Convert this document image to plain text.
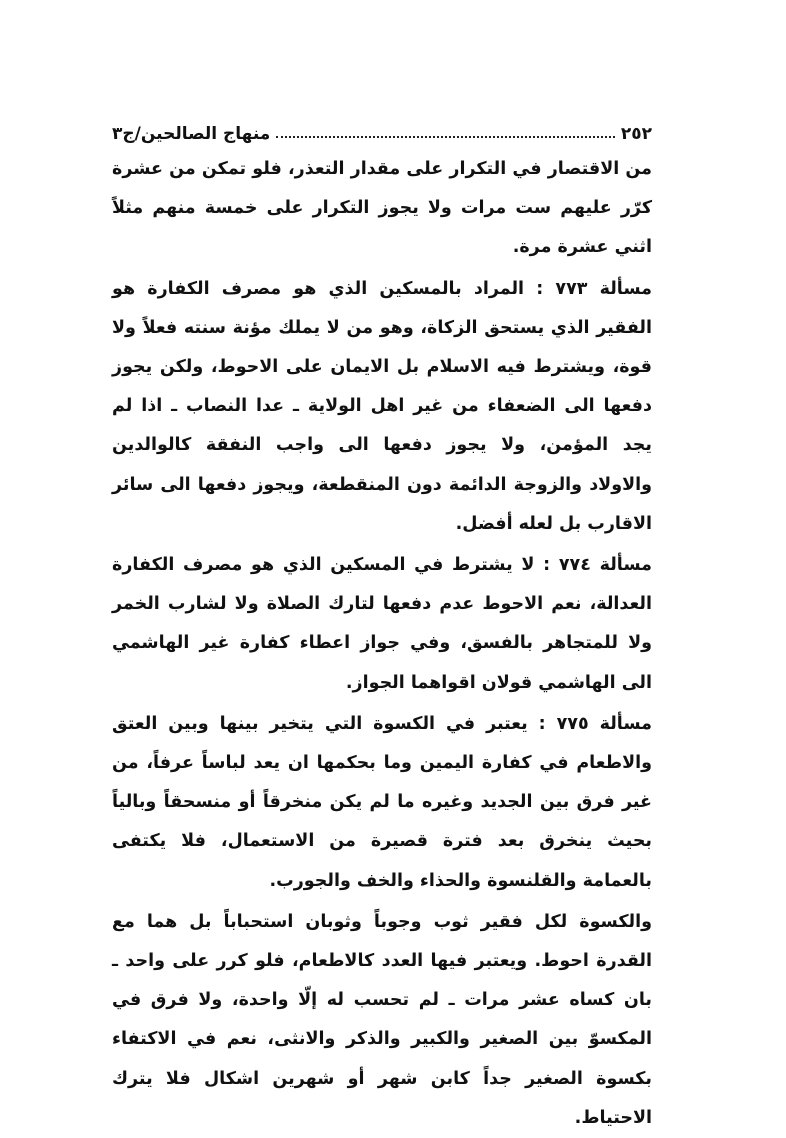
٢٥٢
منهاج الصالحين/ج٣

من الاقتصار في التكرار على مقدار التعذر، فلو تمكن من عشرة كرّر عليهم ست مرات ولا يجوز التكرار على خمسة منهم مثلاً اثني عشرة مرة.

مسألة ٧٧٣ : المراد بالمسكين الذي هو مصرف الكفارة هو الفقير الذي يستحق الزكاة، وهو من لا يملك مؤنة سنته فعلاً ولا قوة، ويشترط فيه الاسلام بل الايمان على الاحوط، ولكن يجوز دفعها الى الضعفاء من غير اهل الولاية ـ عدا النصاب ـ اذا لم يجد المؤمن، ولا يجوز دفعها الى واجب النفقة كالوالدين والاولاد والزوجة الدائمة دون المنقطعة، ويجوز دفعها الى سائر الاقارب بل لعله أفضل.

مسألة ٧٧٤ : لا يشترط في المسكين الذي هو مصرف الكفارة العدالة، نعم الاحوط عدم دفعها لتارك الصلاة ولا لشارب الخمر ولا للمتجاهر بالفسق، وفي جواز اعطاء كفارة غير الهاشمي الى الهاشمي قولان اقواهما الجواز.

مسألة ٧٧٥ : يعتبر في الكسوة التي يتخير بينها وبين العتق والاطعام في كفارة اليمين وما بحكمها ان يعد لباساً عرفاً، من غير فرق بين الجديد وغيره ما لم يكن منخرقاً أو منسحقاً وبالياً بحيث ينخرق بعد فترة قصيرة من الاستعمال، فلا يكتفى بالعمامة والقلنسوة والحذاء والخف والجورب.

والكسوة لكل فقير ثوب وجوباً وثوبان استحباباً بل هما مع القدرة احوط. ويعتبر فيها العدد كالاطعام، فلو كرر على واحد ـ بان كساه عشر مرات ـ لم تحسب له إلّا واحدة، ولا فرق في المكسوّ بين الصغير والكبير والذكر والانثى، نعم في الاكتفاء بكسوة الصغير جداً كابن شهر أو شهرين اشكال فلا يترك الاحتياط.
